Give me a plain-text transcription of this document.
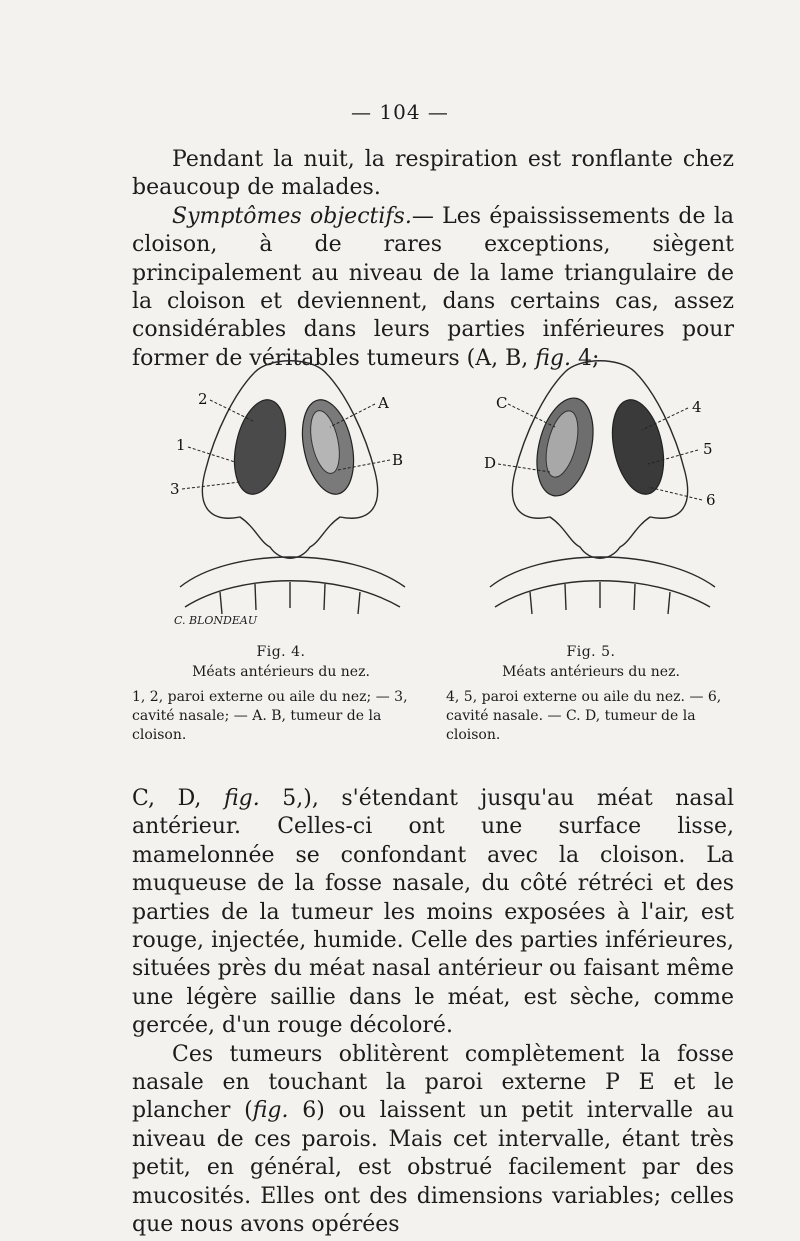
— 104 —

Pendant la nuit, la respiration est ronflante chez beaucoup de malades.

Symptômes objectifs.— Les épaississements de la cloison, à de rares exceptions, siègent principalement au niveau de la lame triangulaire de la cloison et deviennent, dans certains cas, assez considérables dans leurs parties inférieures pour former de véritables tumeurs (A, B, fig. 4;

2
1
3
A
B
C. BLONDEAU
C
D
4
5
6
Fig. 4.
Méats antérieurs du nez.
1, 2, paroi externe ou aile du nez; — 3, cavité nasale; — A. B, tumeur de la cloison.
Fig. 5.
Méats antérieurs du nez.
4, 5, paroi externe ou aile du nez. — 6, cavité nasale. — C. D, tumeur de la cloison.

C, D, fig. 5,), s'étendant jusqu'au méat nasal antérieur. Celles-ci ont une surface lisse, mamelonnée se confondant avec la cloison. La muqueuse de la fosse nasale, du côté rétréci et des parties de la tumeur les moins exposées à l'air, est rouge, injectée, humide. Celle des parties inférieures, situées près du méat nasal antérieur ou faisant même une légère saillie dans le méat, est sèche, comme gercée, d'un rouge décoloré.

Ces tumeurs oblitèrent complètement la fosse nasale en touchant la paroi externe P E et le plancher (fig. 6) ou laissent un petit intervalle au niveau de ces parois. Mais cet intervalle, étant très petit, en général, est obstrué facilement par des mucosités. Elles ont des dimensions variables; celles que nous avons opérées
